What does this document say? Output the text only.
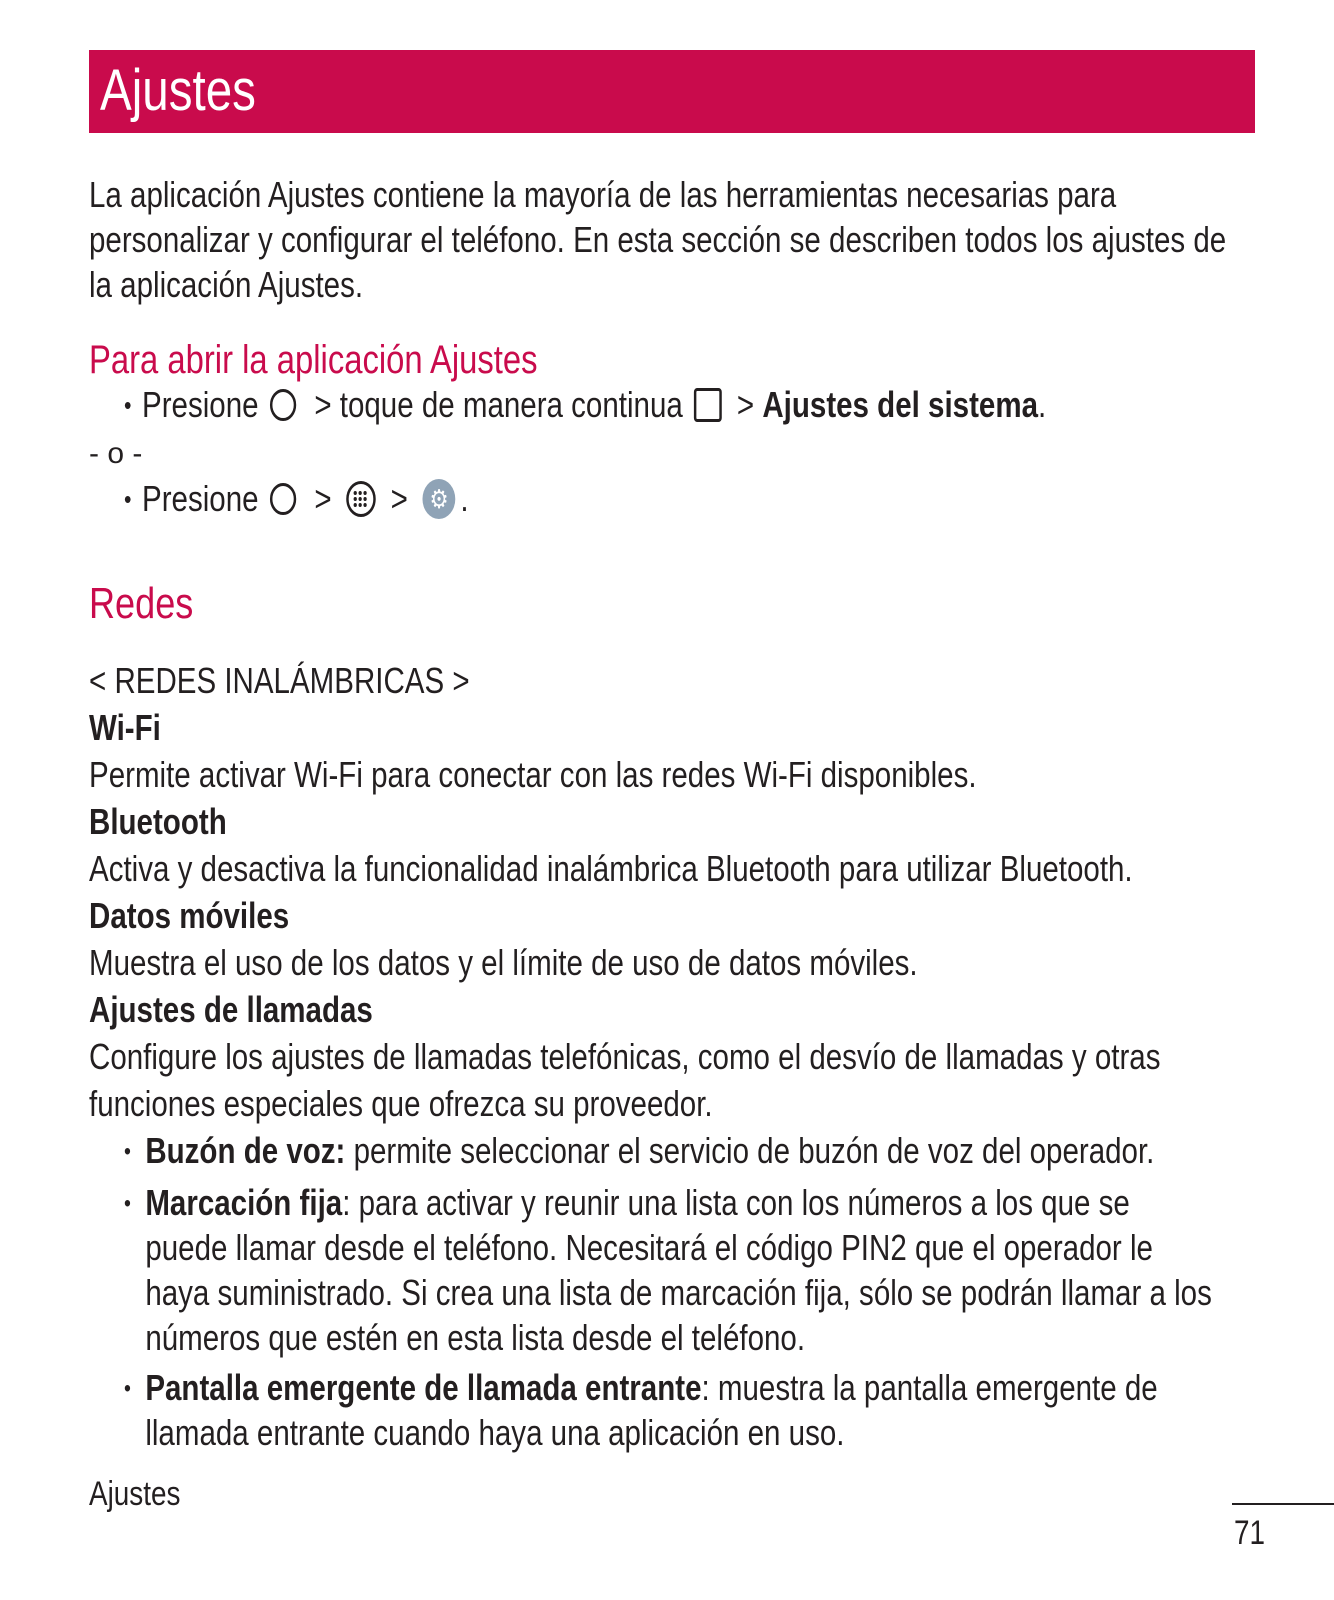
Ajustes
La aplicación Ajustes contiene la mayoría de las herramientas necesarias para
personalizar y configurar el teléfono. En esta sección se describen todos los ajustes de
la aplicación Ajustes.
Para abrir la aplicación Ajustes
• Presione > toque de manera continua > Ajustes del sistema .
- o -
• Presione > > ⚙ .
Redes
< REDES INALÁMBRICAS >
Wi-Fi
Permite activar Wi-Fi para conectar con las redes Wi-Fi disponibles.
Bluetooth
Activa y desactiva la funcionalidad inalámbrica Bluetooth para utilizar Bluetooth.
Datos móviles
Muestra el uso de los datos y el límite de uso de datos móviles.
Ajustes de llamadas
Configure los ajustes de llamadas telefónicas, como el desvío de llamadas y otras
funciones especiales que ofrezca su proveedor.
• Buzón de voz: permite seleccionar el servicio de buzón de voz del operador.
• Marcación fija: para activar y reunir una lista con los números a los que se
puede llamar desde el teléfono. Necesitará el código PIN2 que el operador le
haya suministrado. Si crea una lista de marcación fija, sólo se podrán llamar a los
números que estén en esta lista desde el teléfono.
• Pantalla emergente de llamada entrante: muestra la pantalla emergente de
llamada entrante cuando haya una aplicación en uso.
Ajustes
71
